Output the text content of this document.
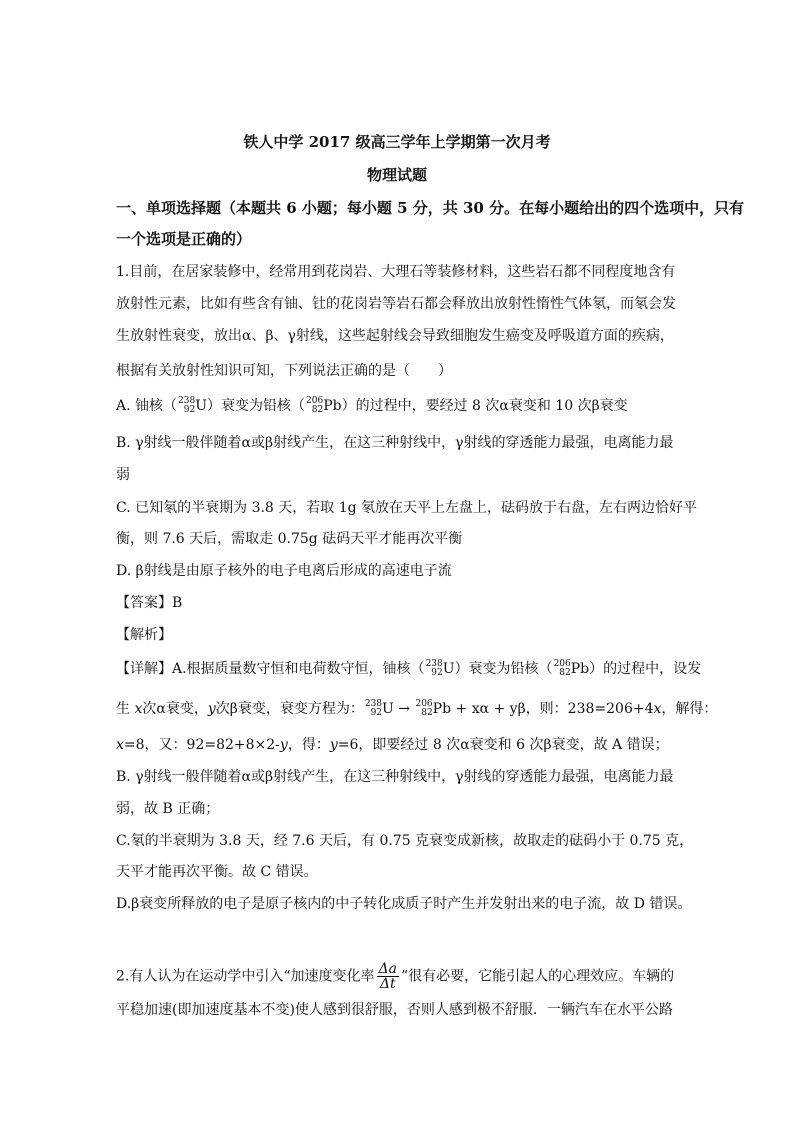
铁人中学 2017 级高三学年上学期第一次月考
物理试题
一、单项选择题（本题共 6 小题；每小题 5 分，共 30 分。在每小题给出的四个选项中，只有
一个选项是正确的）
1.目前，在居家装修中，经常用到花岗岩、大理石等装修材料，这些岩石都不同程度地含有
放射性元素，比如有些含有铀、钍的花岗岩等岩石都会释放出放射性惰性气体氡，而氡会发
生放射性衰变，放出α、β、γ射线，这些起射线会导致细胞发生癌变及呼吸道方面的疾病，
根据有关放射性知识可知，下列说法正确的是（　　）
A. 铀核（ 238
92 U）衰变为铅核（ 206
82 Pb）的过程中，要经过 8 次α衰变和 10 次β衰变
B. γ射线一般伴随着α或β射线产生，在这三种射线中，γ射线的穿透能力最强，电离能力最
弱
C. 已知氡的半衰期为 3.8 天，若取 1g 氡放在天平上左盘上，砝码放于右盘，左右两边恰好平
衡，则 7.6 天后，需取走 0.75g 砝码天平才能再次平衡
D. β射线是由原子核外的电子电离后形成的高速电子流
【答案】B
【解析】
【详解】A.根据质量数守恒和电荷数守恒，铀核（ 238
92 U）衰变为铅核（ 206
82 Pb）的过程中，设发
生 x次α衰变，y次β衰变，衰变方程为： 238
92 U → 206
82 Pb + xα + yβ，则：238=206+4x，解得：
x=8，又：92=82+8×2-y，得：y=6，即要经过 8 次α衰变和 6 次β衰变，故 A 错误；
B. γ射线一般伴随着α或β射线产生，在这三种射线中，γ射线的穿透能力最强，电离能力最
弱，故 B 正确；
C.氡的半衰期为 3.8 天，经 7.6 天后，有 0.75 克衰变成新核，故取走的砝码小于 0.75 克，
天平才能再次平衡。故 C 错误。
D.β衰变所释放的电子是原子核内的中子转化成质子时产生并发射出来的电子流，故 D 错误。
2.有人认为在运动学中引入“加速度变化率 $\frac{\Delta a}{\Delta t}$ ”很有必要，它能引起人的心理效应。车辆的
平稳加速(即加速度基本不变)使人感到很舒服，否则人感到极不舒服．一辆汽车在水平公路
